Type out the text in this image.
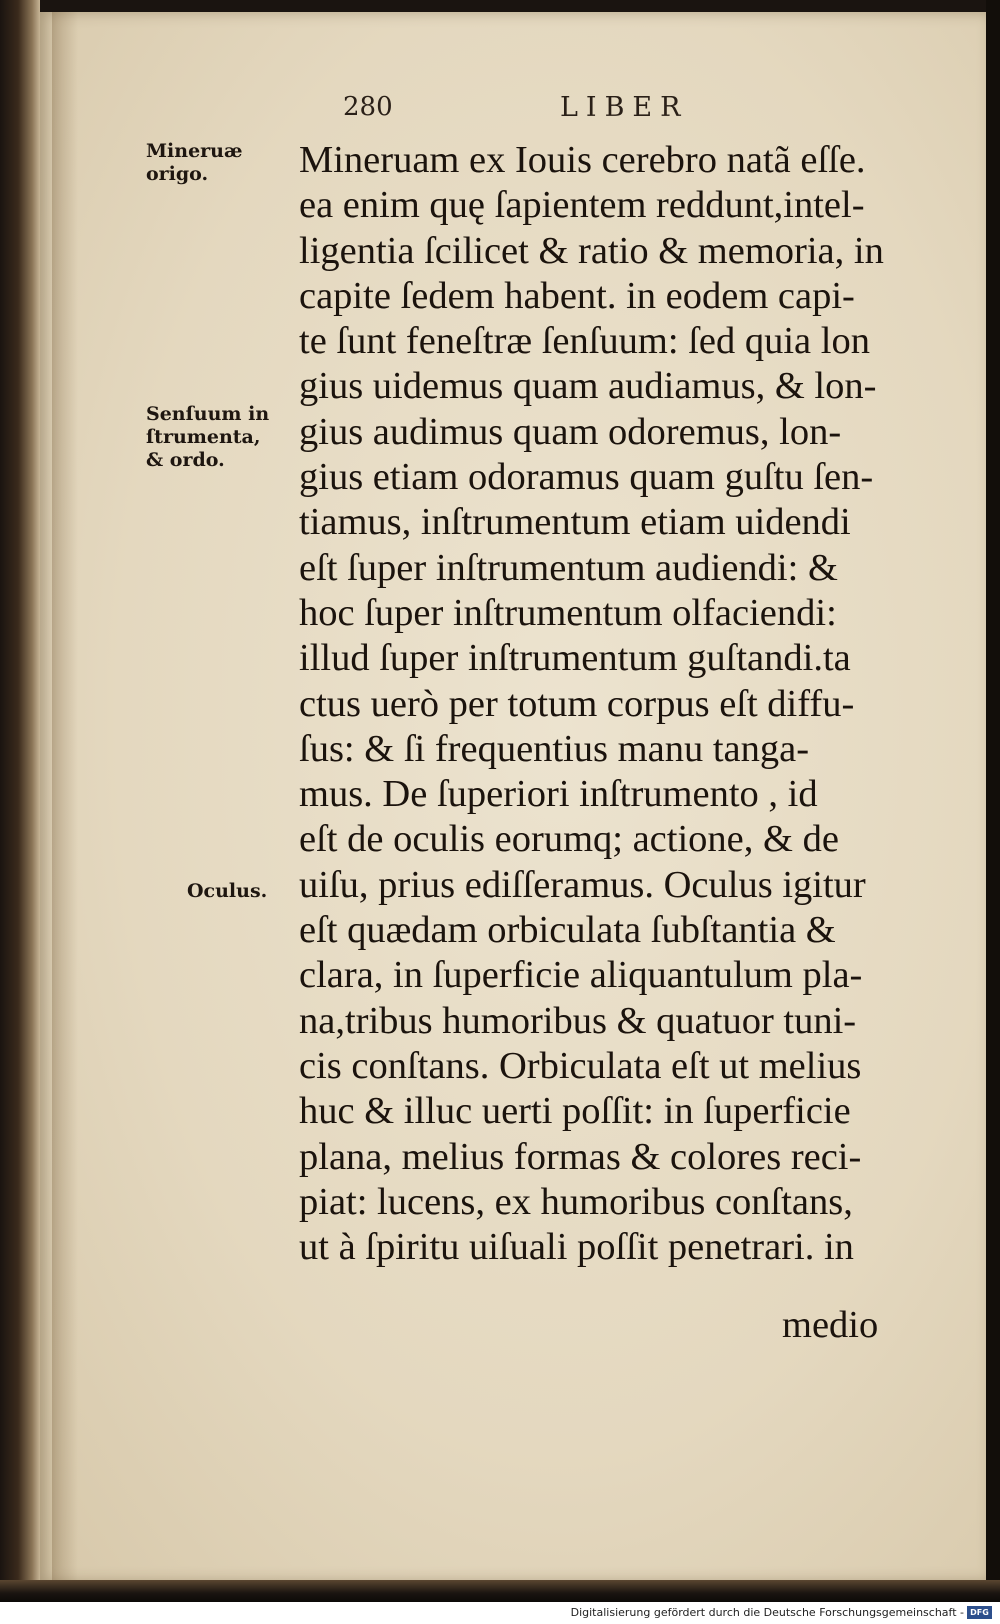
280	LIBER
Mineruæ
origo.
Senſuum in
ſtrumenta,
& ordo.
Oculus.
Mineruam ex Iouis cerebro natã eſſe.
ea enim quę ſapientem reddunt,intel-
ligentia ſcilicet & ratio & memoria, in
capite ſedem habent. in eodem capi-
te ſunt feneſtræ ſenſuum: ſed quia lon
gius uidemus quam audiamus, & lon-
gius audimus quam odoremus, lon-
gius etiam odoramus quam guſtu ſen-
tiamus, inſtrumentum etiam uidendi
eſt ſuper inſtrumentum audiendi: &
hoc ſuper inſtrumentum olfaciendi:
illud ſuper inſtrumentum guſtandi.ta
ctus uerò per totum corpus eſt diffu-
ſus: & ſi frequentius manu tanga-
mus. De ſuperiori inſtrumento , id
eſt de oculis eorumq; actione, & de
uiſu, prius ediſſeramus. Oculus igitur
eſt quædam orbiculata ſubſtantia &
clara, in ſuperficie aliquantulum pla-
na,tribus humoribus & quatuor tuni-
cis conſtans. Orbiculata eſt ut melius
huc & illuc uerti poſſit: in ſuperficie
plana, melius formas & colores reci-
piat: lucens, ex humoribus conſtans,
ut à ſpiritu uiſuali poſſit penetrari. in
medio
Digitalisierung gefördert durch die Deutsche Forschungsgemeinschaft - DFG
